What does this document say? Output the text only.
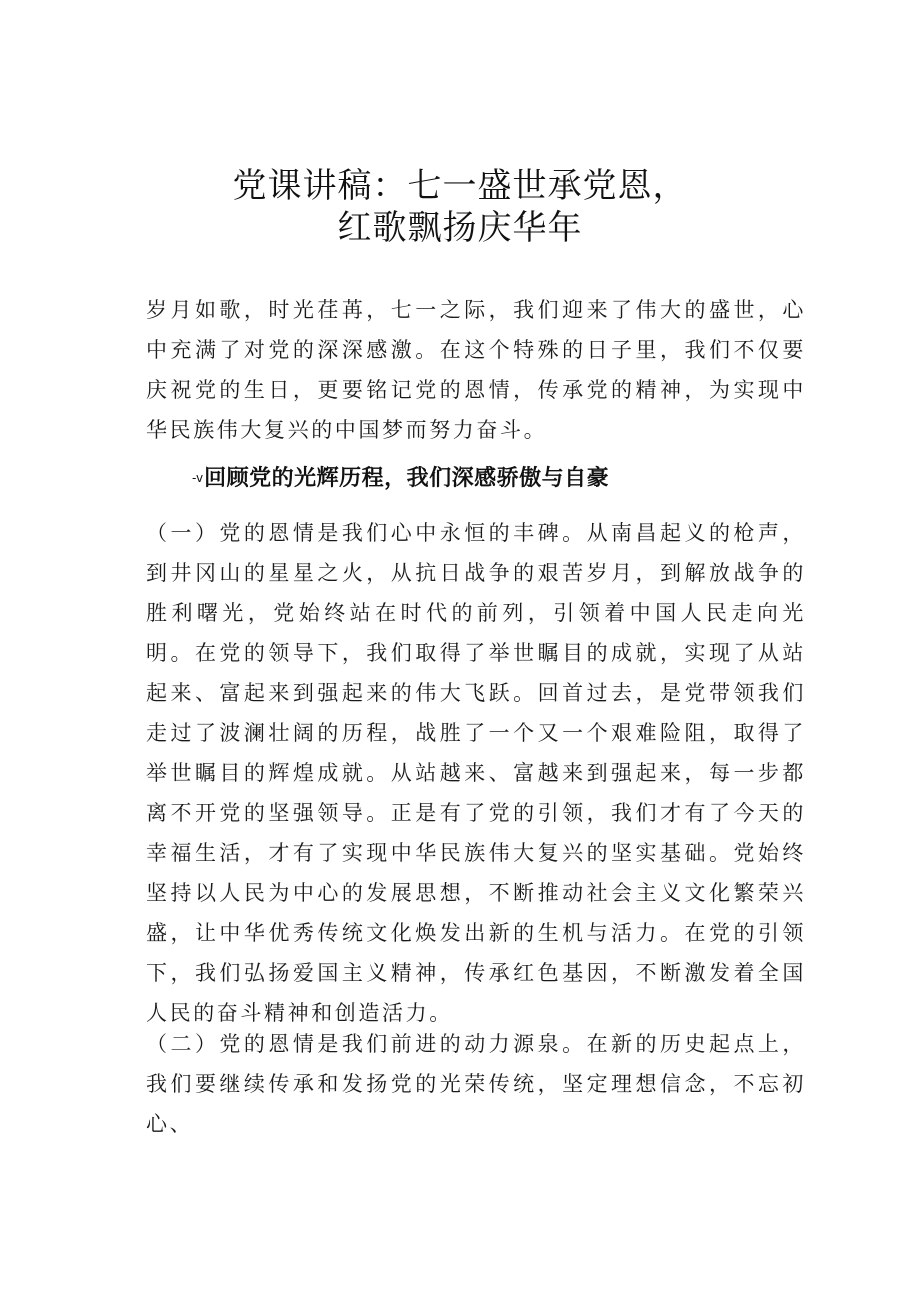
党课讲稿：七一盛世承党恩，
红歌飘扬庆华年

岁月如歌，时光荏苒，七一之际，我们迎来了伟大的盛世，心中充满了对党的深深感激。在这个特殊的日子里，我们不仅要庆祝党的生日，更要铭记党的恩情，传承党的精神，为实现中华民族伟大复兴的中国梦而努力奋斗。

-v回顾党的光辉历程，我们深感骄傲与自豪

（一）党的恩情是我们心中永恒的丰碑。从南昌起义的枪声，到井冈山的星星之火，从抗日战争的艰苦岁月，到解放战争的胜利曙光，党始终站在时代的前列，引领着中国人民走向光明。在党的领导下，我们取得了举世瞩目的成就，实现了从站起来、富起来到强起来的伟大飞跃。回首过去，是党带领我们走过了波澜壮阔的历程，战胜了一个又一个艰难险阻，取得了举世瞩目的辉煌成就。从站越来、富越来到强起来，每一步都离不开党的坚强领导。正是有了党的引领，我们才有了今天的幸福生活，才有了实现中华民族伟大复兴的坚实基础。党始终坚持以人民为中心的发展思想，不断推动社会主义文化繁荣兴盛，让中华优秀传统文化焕发出新的生机与活力。在党的引领下，我们弘扬爱国主义精神，传承红色基因，不断激发着全国人民的奋斗精神和创造活力。

（二）党的恩情是我们前进的动力源泉。在新的历史起点上，我们要继续传承和发扬党的光荣传统，坚定理想信念，不忘初心、
